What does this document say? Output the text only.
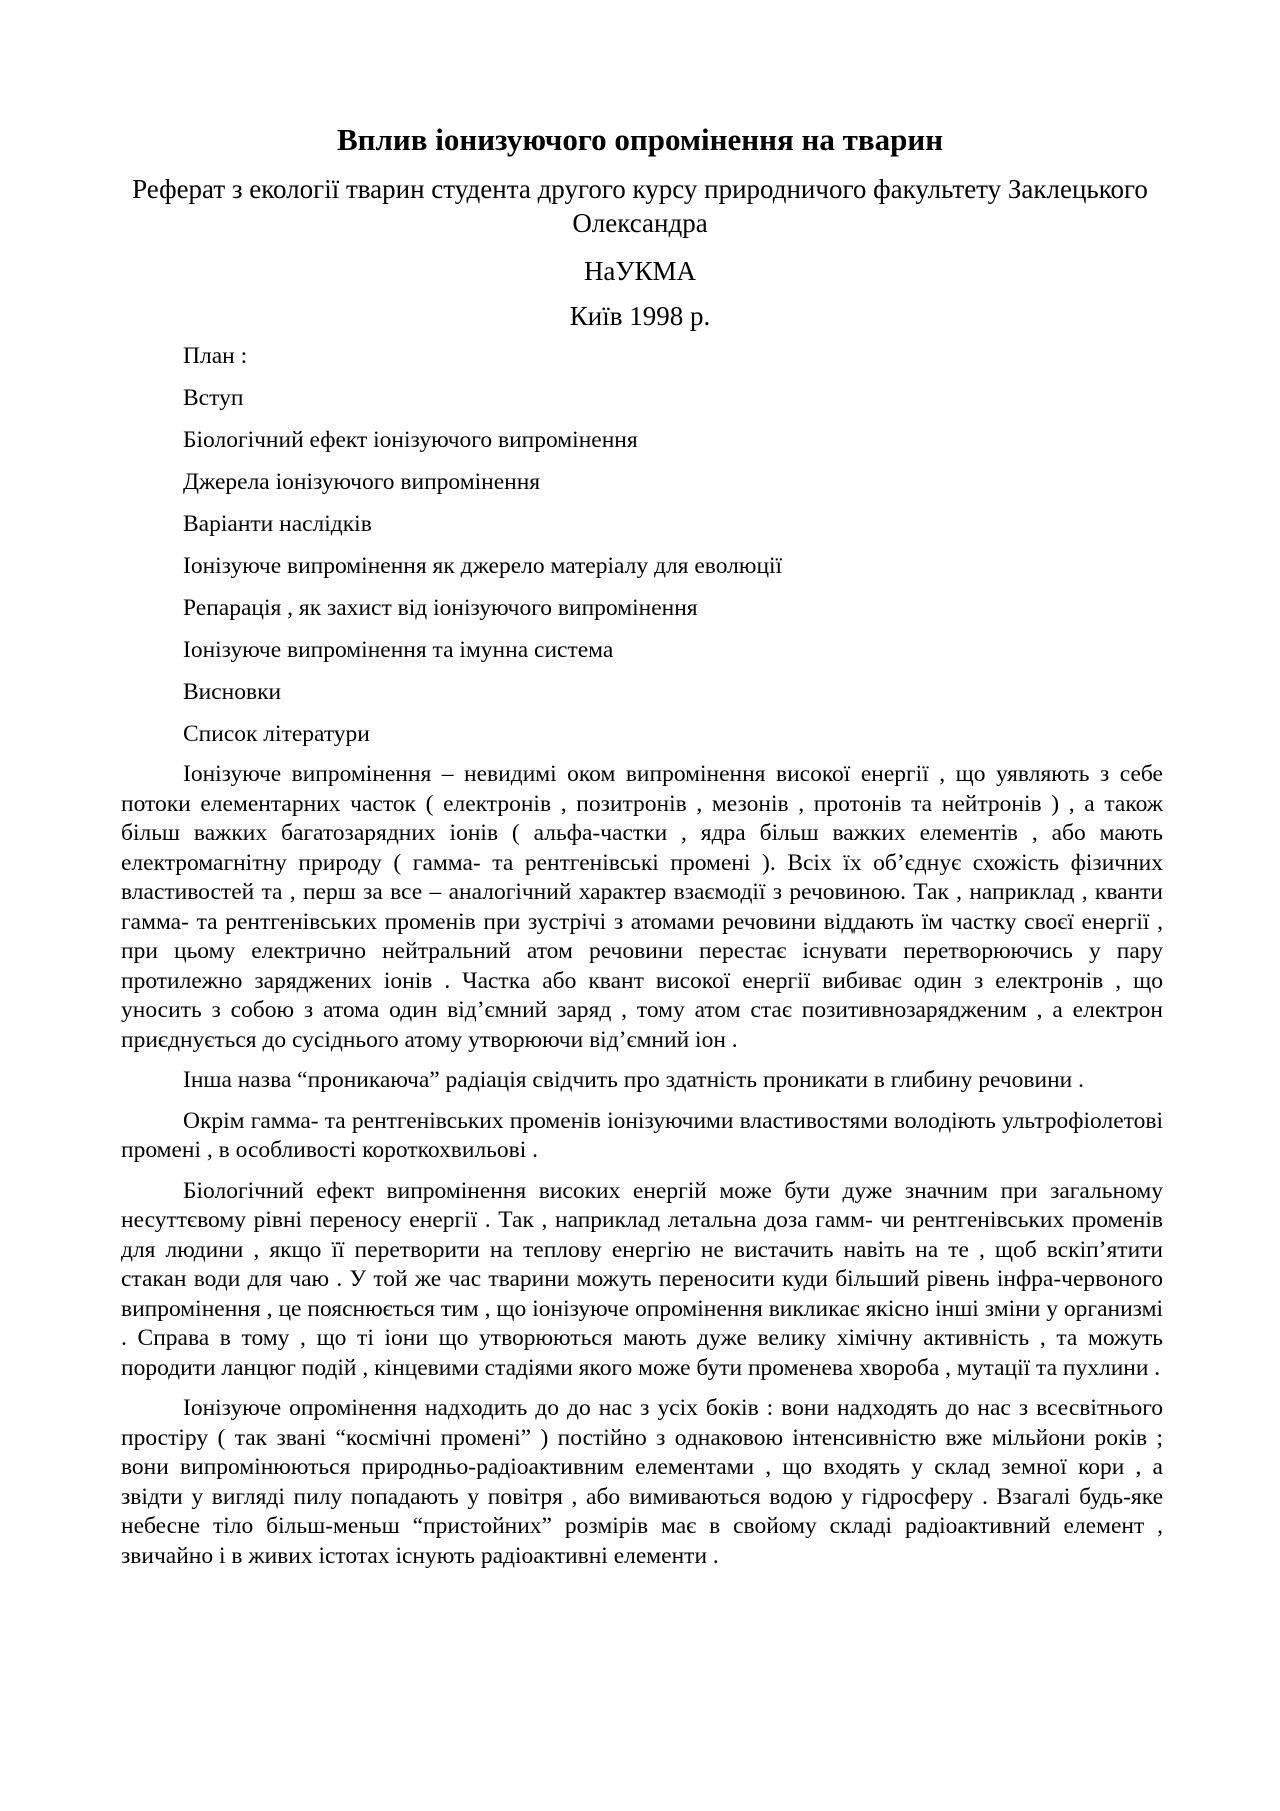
Вплив іонизуючого опромінення на тварин
Реферат з екології тварин студента другого курсу природничого факультету Заклецького Олександра
НаУКМА
Київ 1998 р.
План :
Вступ
Біологічний ефект іонізуючого випромінення
Джерела іонізуючого випромінення
Варіанти наслідків
Іонізуюче випромінення як джерело матеріалу для еволюції
Репарація , як захист від іонізуючого випромінення
Іонізуюче випромінення та імунна система
Висновки
Список літератури

Іонізуюче випромінення – невидимі оком випромінення високої енергії , що уявляють з себе потоки елементарних часток ( електронів , позитронів , мезонів , протонів та нейтронів ) , а також більш важких багатозарядних іонів ( альфа-частки , ядра більш важких елементів , або мають електромагнітну природу ( гамма- та рентгенівські промені ). Всіх їх об’єднує схожість фізичних властивостей та , перш за все – аналогічний характер взаємодії з речовиною. Так , наприклад , кванти гамма- та рентгенівських променів при зустрічі з атомами речовини віддають їм частку своєї енергії , при цьому електрично нейтральний атом речовини перестає існувати перетворюючись у пару протилежно заряджених іонів . Частка або квант високої енергії вибиває один з електронів , що уносить з собою з атома один від’ємний заряд , тому атом стає позитивнозарядженим , а електрон приєднується до сусіднього атому утворюючи від’ємний іон .

Інша назва “проникаюча” радіація свідчить про здатність проникати в глибину речовини .

Окрім гамма- та рентгенівських променів іонізуючими властивостями володіють ультрофіолетові промені , в особливості короткохвильові .

Біологічний ефект випромінення високих енергій може бути дуже значним при загальному несуттєвому рівні переносу енергії . Так , наприклад летальна доза гамм- чи рентгенівських променів для людини , якщо її перетворити на теплову енергію не вистачить навіть на те , щоб вскіп’ятити стакан води для чаю . У той же час тварини можуть переносити куди більший рівень інфра-червоного випромінення , це пояснюється тим , що іонізуюче опромінення викликає якісно інші зміни у организмі . Справа в тому , що ті іони що утворюються мають дуже велику хімічну активність , та можуть породити ланцюг подій , кінцевими стадіями якого може бути променева хвороба , мутації та пухлини .

Іонізуюче опромінення надходить до до нас з усіх боків : вони надходять до нас з всесвітнього простіру ( так звані “космічні промені” ) постійно з однаковою інтенсивністю вже мільйони років ; вони випромінюються природньо-радіоактивним елементами , що входять у склад земної кори , а звідти у вигляді пилу попадають у повітря , або вимиваються водою у гідросферу . Взагалі будь-яке небесне тіло більш-меньш “пристойних” розмірів має в свойому складі радіоактивний елемент , звичайно і в живих істотах існують радіоактивні елементи .
